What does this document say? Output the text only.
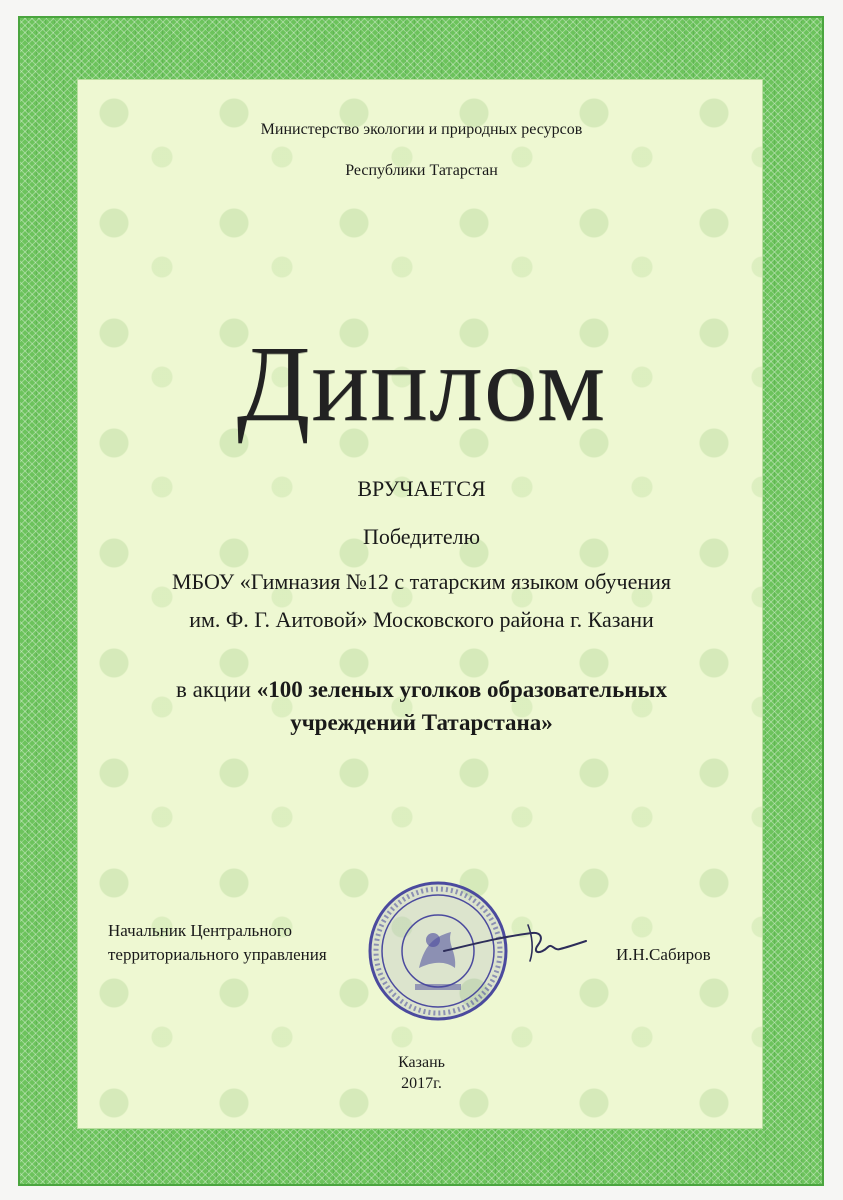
Министерство экологии и природных ресурсов
Республики Татарстан
Диплом
ВРУЧАЕТСЯ
Победителю
МБОУ «Гимназия №12 с татарским языком обучения
им. Ф. Г. Аитовой» Московского района г. Казани
в акции «100 зеленых уголков образовательных
учреждений Татарстана»
Начальник Центрального
территориального управления	И.Н.Сабиров
Казань
2017г.
